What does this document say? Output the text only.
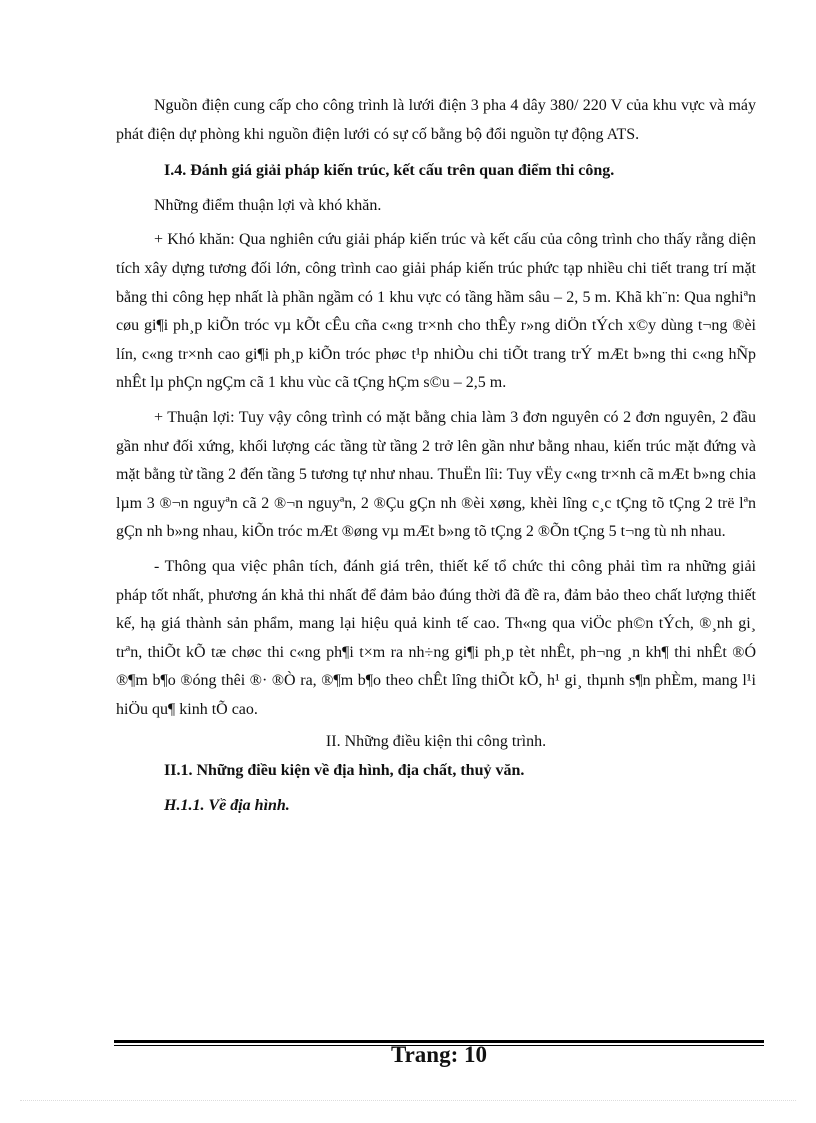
Nguồn điện cung cấp cho công trình là lưới điện 3 pha 4 dây 380/ 220 V của khu vực và máy phát điện dự phòng khi nguồn điện lưới có sự cố bằng bộ đổi nguồn tự động ATS.

I.4. Đánh giá giải pháp kiến trúc, kết cấu trên quan điểm thi công.

Những điểm thuận lợi và khó khăn.

+ Khó khăn: Qua nghiên cứu giải pháp kiến trúc và kết cấu của công trình cho thấy rằng diện tích xây dựng tương đối lớn, công trình cao giải pháp kiến trúc phức tạp nhiều chi tiết trang trí mặt bằng thi công hẹp nhất là phần ngầm có 1 khu vực có tầng hầm sâu – 2, 5 m. Khã kh¨n: Qua nghiªn cøu gi¶i ph¸p kiÕn tróc vµ kÕt cÊu cña c«ng tr×nh cho thÊy r»ng diÖn tÝch x©y dùng t¬ng ®èi lín, c«ng tr×nh cao gi¶i ph¸p kiÕn tróc phøc t¹p nhiÒu chi tiÕt trang trÝ mÆt b»ng thi c«ng hÑp nhÊt lµ phÇn ngÇm cã 1 khu vùc cã tÇng hÇm s©u – 2,5 m.

+ Thuận lợi: Tuy vậy công trình có mặt bằng chia làm 3 đơn nguyên có 2 đơn nguyên, 2 đầu gần như đối xứng, khối lượng các tầng từ tầng 2 trở lên gần như bằng nhau, kiến trúc mặt đứng và mặt bằng từ tầng 2 đến tầng 5 tương tự như nhau. ThuËn lîi: Tuy vËy c«ng tr×nh cã mÆt b»ng chia lµm 3 ®¬n nguyªn cã 2 ®¬n nguyªn, 2 ®Çu gÇn nh ®èi xøng, khèi lîng c¸c tÇng tõ tÇng 2 trë lªn gÇn nh b»ng nhau, kiÕn tróc mÆt ®øng vµ mÆt b»ng tõ tÇng 2 ®Õn tÇng 5 t¬ng tù nh nhau.

- Thông qua việc phân tích, đánh giá trên, thiết kế tổ chức thi công phải tìm ra những giải pháp tốt nhất, phương án khả thi nhất để đảm bảo đúng thời đã đề ra, đảm bảo theo chất lượng thiết kế, hạ giá thành sản phẩm, mang lại hiệu quả kinh tế cao. Th«ng qua viÖc ph©n tÝch, ®¸nh gi¸ trªn, thiÕt kÕ tæ chøc thi c«ng ph¶i t×m ra nh÷ng gi¶i ph¸p tèt nhÊt, ph¬ng ¸n kh¶ thi nhÊt ®Ó ®¶m b¶o ®óng thêi ®· ®Ò ra, ®¶m b¶o theo chÊt lîng thiÕt kÕ, h¹ gi¸ thµnh s¶n phÈm, mang l¹i hiÖu qu¶ kinh tÕ cao.

II. Những điều kiện thi công trình.

II.1. Những điều kiện về địa hình, địa chất, thuỷ văn.

H.1.1. Về địa hình.

Trang: 10
